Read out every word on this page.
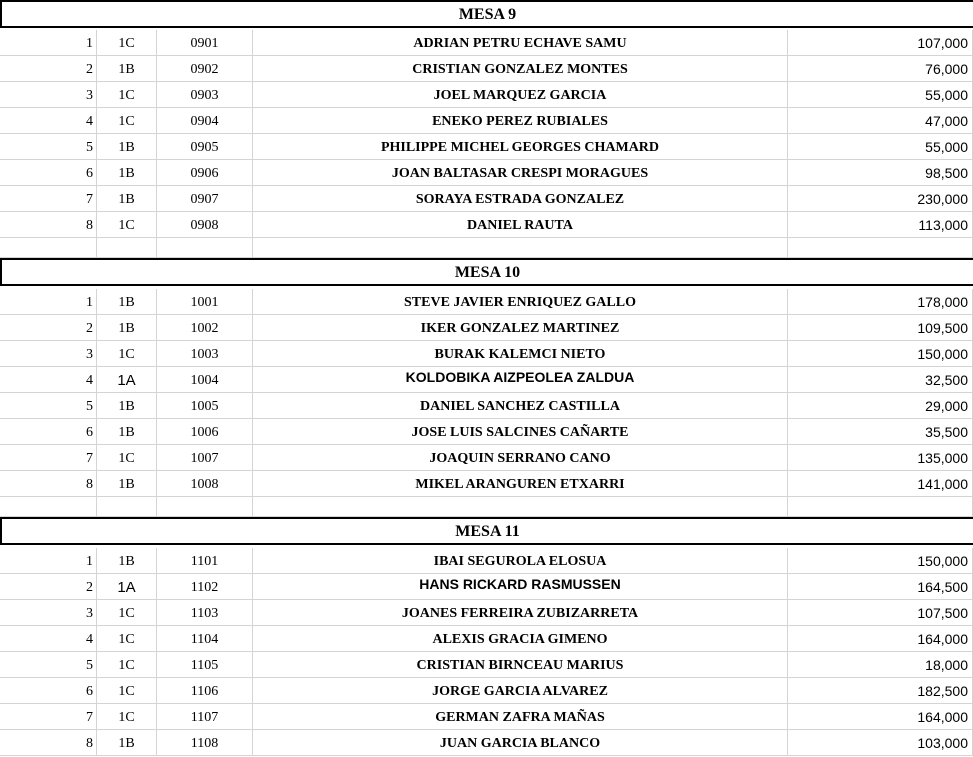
MESA 9
1	1C	0901	ADRIAN PETRU ECHAVE SAMU	107,000
2	1B	0902	CRISTIAN GONZALEZ MONTES	76,000
3	1C	0903	JOEL MARQUEZ GARCIA	55,000
4	1C	0904	ENEKO PEREZ RUBIALES	47,000
5	1B	0905	PHILIPPE MICHEL GEORGES CHAMARD	55,000
6	1B	0906	JOAN BALTASAR CRESPI MORAGUES	98,500
7	1B	0907	SORAYA ESTRADA GONZALEZ	230,000
8	1C	0908	DANIEL RAUTA	113,000
MESA 10
1	1B	1001	STEVE JAVIER ENRIQUEZ GALLO	178,000
2	1B	1002	IKER GONZALEZ MARTINEZ	109,500
3	1C	1003	BURAK KALEMCI NIETO	150,000
4	1A	1004	KOLDOBIKA AIZPEOLEA ZALDUA	32,500
5	1B	1005	DANIEL SANCHEZ CASTILLA	29,000
6	1B	1006	JOSE LUIS SALCINES CAÑARTE	35,500
7	1C	1007	JOAQUIN SERRANO CANO	135,000
8	1B	1008	MIKEL ARANGUREN ETXARRI	141,000
MESA 11
1	1B	1101	IBAI SEGUROLA ELOSUA	150,000
2	1A	1102	HANS RICKARD RASMUSSEN	164,500
3	1C	1103	JOANES FERREIRA ZUBIZARRETA	107,500
4	1C	1104	ALEXIS GRACIA GIMENO	164,000
5	1C	1105	CRISTIAN BIRNCEAU MARIUS	18,000
6	1C	1106	JORGE GARCIA ALVAREZ	182,500
7	1C	1107	GERMAN ZAFRA MAÑAS	164,000
8	1B	1108	JUAN GARCIA BLANCO	103,000
